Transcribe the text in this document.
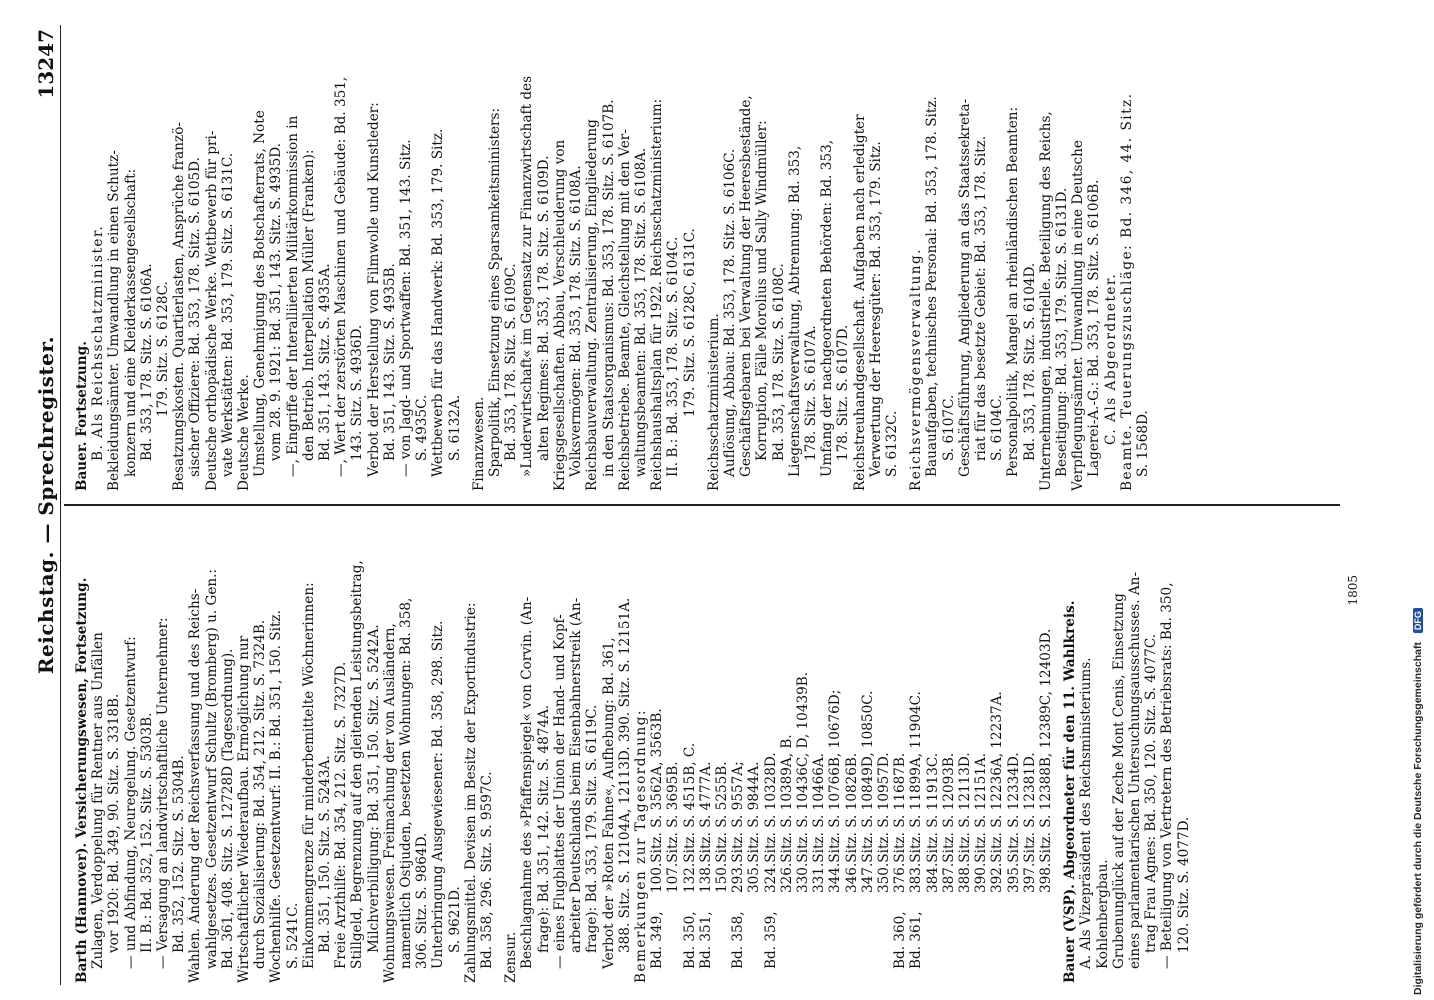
Reichstag. — Sprechregister.
13247
Barth (Hannover). Versicherungswesen, Fortsetzung. Zulagen, Verdoppelung für Rentner aus Unfällen vor 1920: Bd. 349, 90. Sitz. S. 3318B. — und Abfindung, Neuregelung. Gesetzentwurf: II. B.: Bd. 352, 152. Sitz. S. 5303B. — Versagung an landwirtschaftliche Unternehmer: Bd. 352, 152. Sitz. S. 5304B. Wahlen. Änderung der Reichsverfassung und des Reichs- wahlgesetzes. Gesetzentwurf Schultz (Bromberg) u. Gen.: Bd. 361, 408. Sitz. S. 12728D (Tagesordnung). Wirtschaftlicher Wiederaufbau. Ermöglichung nur durch Sozialisierung: Bd. 354, 212. Sitz. S. 7324B. Wochenhilfe. Gesetzentwurf: II. B.: Bd. 351, 150. Sitz. S. 5241C. Einkommengrenze für minderbemittelte Wöchnerinnen: Bd. 351, 150. Sitz. S. 5243A. Freie Arzthilfe: Bd. 354, 212. Sitz. S. 7327D. Stillgeld, Begrenzung auf den gleitenden Leistungsbeitrag, Milchverbilligung: Bd. 351, 150. Sitz. S. 5242A. Wohnungswesen. Freimachung der von Ausländern, namentlich Ostjuden, besetzten Wohnungen: Bd. 358, 306. Sitz. S. 9864D. Unterbringung Ausgewiesener: Bd. 358, 298. Sitz. S. 9621D. Zahlungsmittel. Devisen im Besitz der Exportindustrie: Bd. 358, 296. Sitz. S. 9597C. Zensur. Beschlagnahme des »Pfaffenspiegel« von Corvin. (An- frage): Bd. 351, 142. Sitz. S. 4874A. — eines Flugblattes der Union der Hand- und Kopf- arbeiter Deutschlands beim Eisenbahnerstreik (An- frage): Bd. 353, 179. Sitz. S. 6119C. Verbot der »Roten Fahne«, Aufhebung: Bd. 361, 388. Sitz. S. 12104A, 12113D. 390. Sitz. S. 12151A. Bemerkungen zur Tagesordnung: Bd. 349,
100.
Sitz. S. 3562A, 3563B.
107.
Sitz. S. 3695B.
Bd. 350,
132.
Sitz. S. 4515B, C.
Bd. 351,
138.
Sitz. S. 4777A.
150.
Sitz. S. 5255B.
Bd. 358,
293.
Sitz. S. 9557A;
305.
Sitz. S. 9844A.
Bd. 359,
324.
Sitz. S. 10328D.
326.
Sitz. S. 10389A, B.
330.
Sitz. S. 10436C, D, 10439B.
331.
Sitz. S. 10466A.
344.
Sitz. S. 10766B, 10676D;
346.
Sitz. S. 10826B.
347.
Sitz. S. 10849D, 10850C.
350.
Sitz. S. 10957D.
Bd. 360,
376.
Sitz. S. 11687B.
Bd. 361,
383.
Sitz. S. 11899A, 11904C.
384.
Sitz. S. 11913C.
387.
Sitz. S. 12093B.
388.
Sitz. S. 12113D.
390.
Sitz. S. 12151A.
392.
Sitz. S. 12236A, 12237A.
395.
Sitz. S. 12334D.
397.
Sitz. S. 12381D.
398.
Sitz. S. 12388B, 12389C, 12403D. Bauer (VSP). Abgeordneter für den 11. Wahlkreis. A. Als Vizepräsident des Reichsministeriums. Kohlenbergbau. Grubenunglück auf der Zeche Mont Cenis, Einsetzung eines parlamentarischen Untersuchungsausschusses. An- trag Frau Agnes: Bd. 350, 120. Sitz. S. 4077C. — Beteiligung von Vertretern des Betriebsrats: Bd. 350, 120. Sitz. S. 4077D.
Bauer. Fortsetzung. B. Als Reichsschatzminister. Bekleidungsämter. Umwandlung in einen Schutz- konzern und eine Kleiderkassengesellschaft: Bd. 353, 178. Sitz. S. 6106A. 179. Sitz. S. 6128C. Besatzungskosten. Quartierlasten, Ansprüche franzö- sischer Offiziere: Bd. 353, 178. Sitz. S. 6105D. Deutsche orthopädische Werke. Wettbewerb für pri- vate Werkstätten: Bd. 353, 179. Sitz. S. 6131C. Deutsche Werke. Umstellung, Genehmigung des Botschafterrats, Note vom 28. 9. 1921: Bd. 351, 143. Sitz. S. 4935D. —, Eingriffe der Interalliierten Militärkommission in den Betrieb. Interpellation Müller (Franken): Bd. 351, 143. Sitz. S. 4935A. —, Wert der zerstörten Maschinen und Gebäude: Bd. 351, 143. Sitz. S. 4936D. Verbot der Herstellung von Filmwolle und Kunstleder: Bd. 351, 143. Sitz. S. 4935B. — von Jagd- und Sportwaffen: Bd. 351, 143. Sitz. S. 4935C. Wettbewerb für das Handwerk: Bd. 353, 179. Sitz. S. 6132A. Finanzwesen. Sparpolitik, Einsetzung eines Sparsamkeitsministers: Bd. 353, 178. Sitz. S. 6109C. »Luderwirtschaft« im Gegensatz zur Finanzwirtschaft des alten Regimes: Bd. 353, 178. Sitz. S. 6109D. Kriegsgesellschaften. Abbau, Verschleuderung von Volksvermögen: Bd. 353, 178. Sitz. S. 6108A. Reichsbauverwaltung. Zentralisierung, Eingliederung in den Staatsorganismus: Bd. 353, 178. Sitz. S. 6107B. Reichsbetriebe. Beamte, Gleichstellung mit den Ver- waltungsbeamten: Bd. 353, 178. Sitz. S. 6108A. Reichshaushaltsplan für 1922. Reichsschatzministerium: II. B.: Bd. 353, 178. Sitz. S. 6104C. 179. Sitz. S. 6128C, 6131C. Reichsschatzministerium. Auflösung, Abbau: Bd. 353, 178. Sitz. S. 6106C. Geschäftsgebaren bei Verwaltung der Heeresbestände, Korruption, Fälle Morolius und Sally Windmüller: Bd. 353, 178. Sitz. S. 6108C. Liegenschaftsverwaltung, Abtrennung: Bd. 353, 178. Sitz. S. 6107A. Umfang der nachgeordneten Behörden: Bd. 353, 178. Sitz. S. 6107D. Reichstreuhandgesellschaft. Aufgaben nach erledigter Verwertung der Heeresgüter: Bd. 353, 179. Sitz. S. 6132C. Reichsvermögensverwaltung. Bauaufgaben, technisches Personal: Bd. 353, 178. Sitz. S. 6107C. Geschäftsführung, Angliederung an das Staatssekreta- riat für das besetzte Gebiet: Bd. 353, 178. Sitz. S. 6104C. Personalpolitik, Mangel an rheinländischen Beamten: Bd. 353, 178. Sitz. S. 6104D. Unternehmungen, industrielle. Beteiligung des Reichs, Beseitigung: Bd. 353, 179. Sitz. S. 6131D. Verpflegungsämter. Umwandlung in eine Deutsche Lagerei-A.-G.: Bd. 353, 178. Sitz. S. 6106B. C. Als Abgeordneter. Beamte. Teuerungszuschläge: Bd. 346, 44. Sitz. S. 1568D.
1805
Digitalisierung gefördert durch die Deutsche Forschungsgemeinschaft DFG
